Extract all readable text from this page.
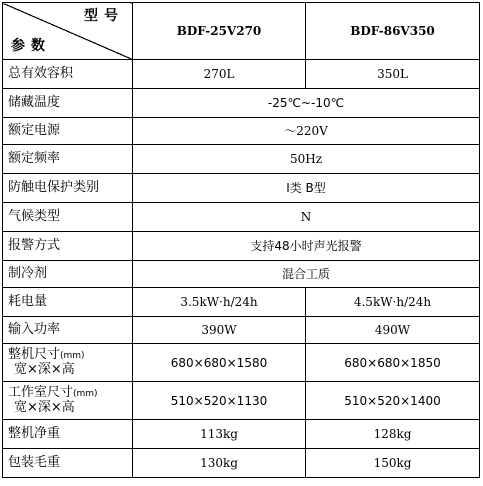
型号
参数	BDF-25V270	BDF-86V350
总有效容积	270L	350L
储藏温度	-25℃~-10℃	
额定电源	～220V	
额定频率	50Hz	
防触电保护类别	I类 B型	
气候类型	N	
报警方式	支持48小时声光报警	
制冷剂	混合工质	
耗电量	3.5kW·h/24h	4.5kW·h/24h
输入功率	390W	490W
整机尺寸(mm)
宽×深×高	680×680×1580	680×680×1850
工作室尺寸(mm)
宽×深×高	510×520×1130	510×520×1400
整机净重	113kg	128kg
包装毛重	130kg	150kg
